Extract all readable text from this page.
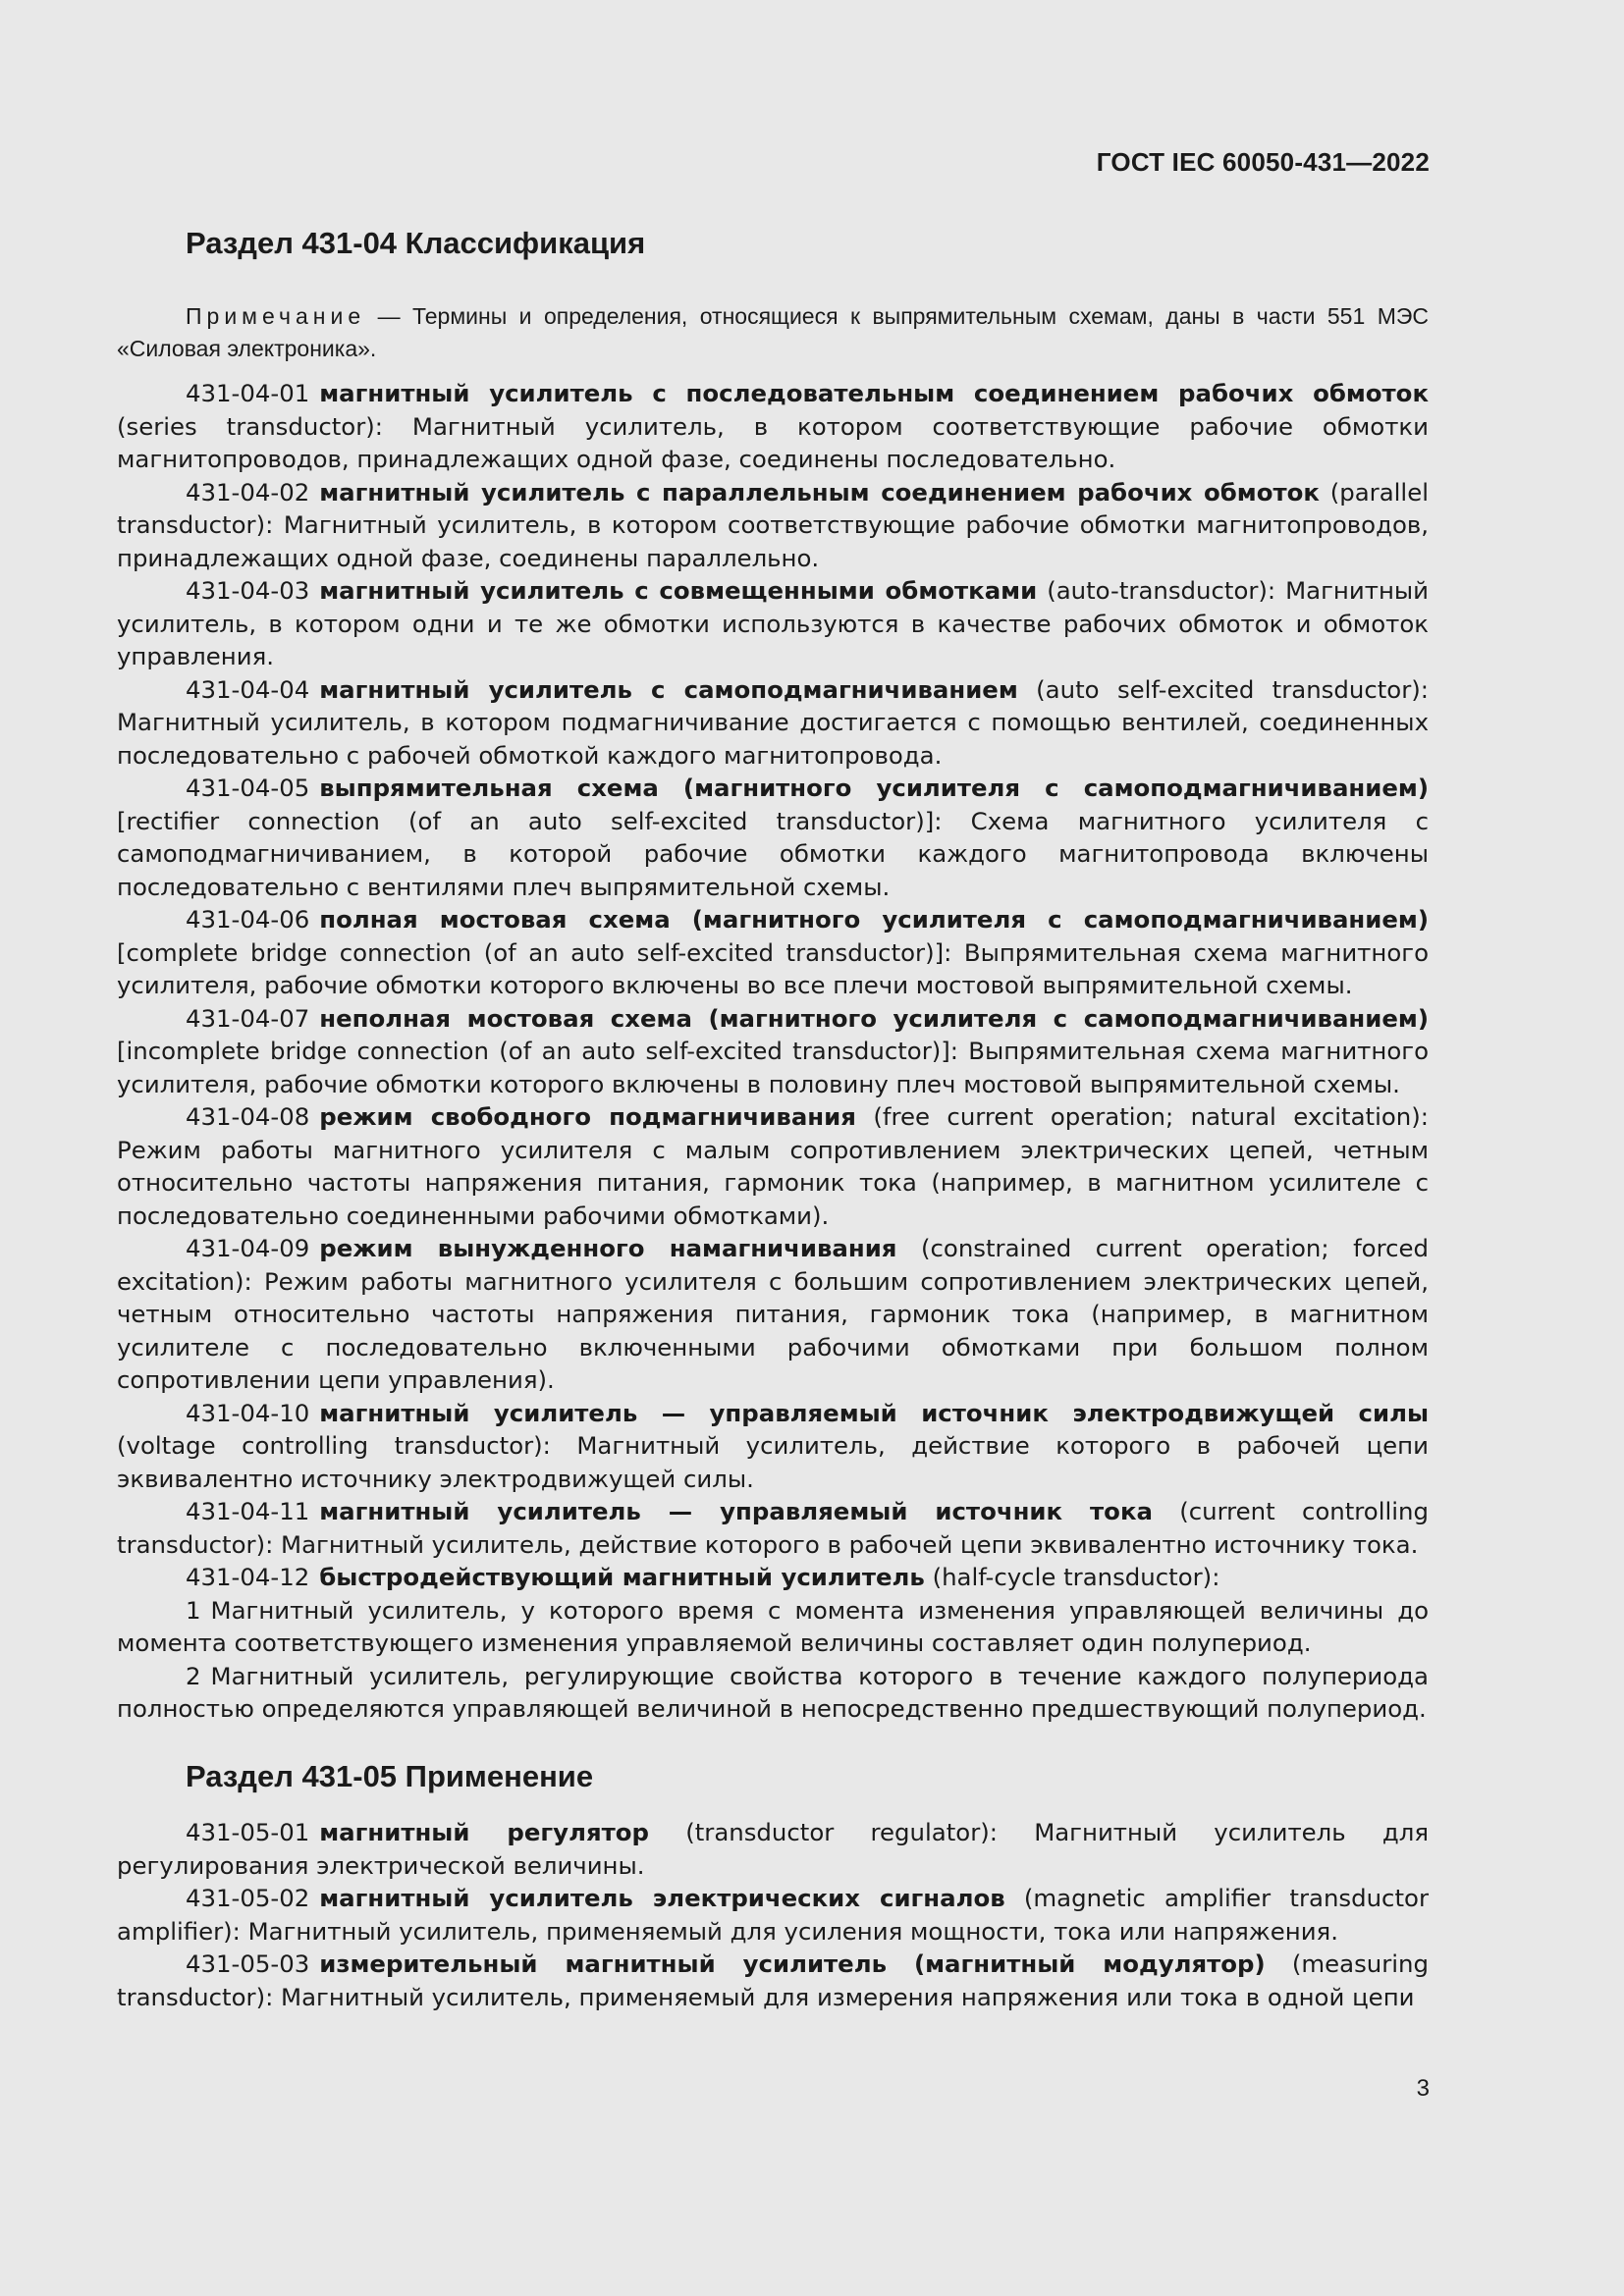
ГОСТ IEC 60050-431—2022
Раздел 431-04 Классификация

Примечание — Термины и определения, относящиеся к выпрямительным схемам, даны в части 551 МЭС «Силовая электроника».

431-04-01 магнитный усилитель с последовательным соединением рабочих обмоток (series transductor): Магнитный усилитель, в котором соответствующие рабочие обмотки магнитопроводов, принадлежащих одной фазе, соединены последовательно.

431-04-02 магнитный усилитель с параллельным соединением рабочих обмоток (parallel transductor): Магнитный усилитель, в котором соответствующие рабочие обмотки магнитопроводов, принадлежащих одной фазе, соединены параллельно.

431-04-03 магнитный усилитель с совмещенными обмотками (auto-transductor): Магнитный усилитель, в котором одни и те же обмотки используются в качестве рабочих обмоток и обмоток управления.

431-04-04 магнитный усилитель с самоподмагничиванием (auto self-excited transductor): Магнитный усилитель, в котором подмагничивание достигается с помощью вентилей, соединенных последовательно с рабочей обмоткой каждого магнитопровода.

431-04-05 выпрямительная схема (магнитного усилителя с самоподмагничиванием) [rectifier connection (of an auto self-excited transductor)]: Схема магнитного усилителя с самоподмагничиванием, в которой рабочие обмотки каждого магнитопровода включены последовательно с вентилями плеч выпрямительной схемы.

431-04-06 полная мостовая схема (магнитного усилителя с самоподмагничиванием) [complete bridge connection (of an auto self-excited transductor)]: Выпрямительная схема магнитного усилителя, рабочие обмотки которого включены во все плечи мостовой выпрямительной схемы.

431-04-07 неполная мостовая схема (магнитного усилителя с самоподмагничиванием) [incomplete bridge connection (of an auto self-excited transductor)]: Выпрямительная схема магнитного усилителя, рабочие обмотки которого включены в половину плеч мостовой выпрямительной схемы.

431-04-08 режим свободного подмагничивания (free current operation; natural excitation): Режим работы магнитного усилителя с малым сопротивлением электрических цепей, четным относительно частоты напряжения питания, гармоник тока (например, в магнитном усилителе с последовательно соединенными рабочими обмотками).

431-04-09 режим вынужденного намагничивания (constrained current operation; forced excitation): Режим работы магнитного усилителя с большим сопротивлением электрических цепей, четным относительно частоты напряжения питания, гармоник тока (например, в магнитном усилителе с последовательно включенными рабочими обмотками при большом полном сопротивлении цепи управления).

431-04-10 магнитный усилитель — управляемый источник электродвижущей силы (voltage controlling transductor): Магнитный усилитель, действие которого в рабочей цепи эквивалентно источнику электродвижущей силы.

431-04-11 магнитный усилитель — управляемый источник тока (current controlling transductor): Магнитный усилитель, действие которого в рабочей цепи эквивалентно источнику тока.

431-04-12 быстродействующий магнитный усилитель (half-cycle transductor):

1 Магнитный усилитель, у которого время с момента изменения управляющей величины до момента соответствующего изменения управляемой величины составляет один полупериод.

2 Магнитный усилитель, регулирующие свойства которого в течение каждого полупериода полностью определяются управляющей величиной в непосредственно предшествующий полупериод.

Раздел 431-05 Применение

431-05-01 магнитный регулятор (transductor regulator): Магнитный усилитель для регулирования электрической величины.

431-05-02 магнитный усилитель электрических сигналов (magnetic amplifier transductor amplifier): Магнитный усилитель, применяемый для усиления мощности, тока или напряжения.

431-05-03 измерительный магнитный усилитель (магнитный модулятор) (measuring transductor): Магнитный усилитель, применяемый для измерения напряжения или тока в одной цепи

3
